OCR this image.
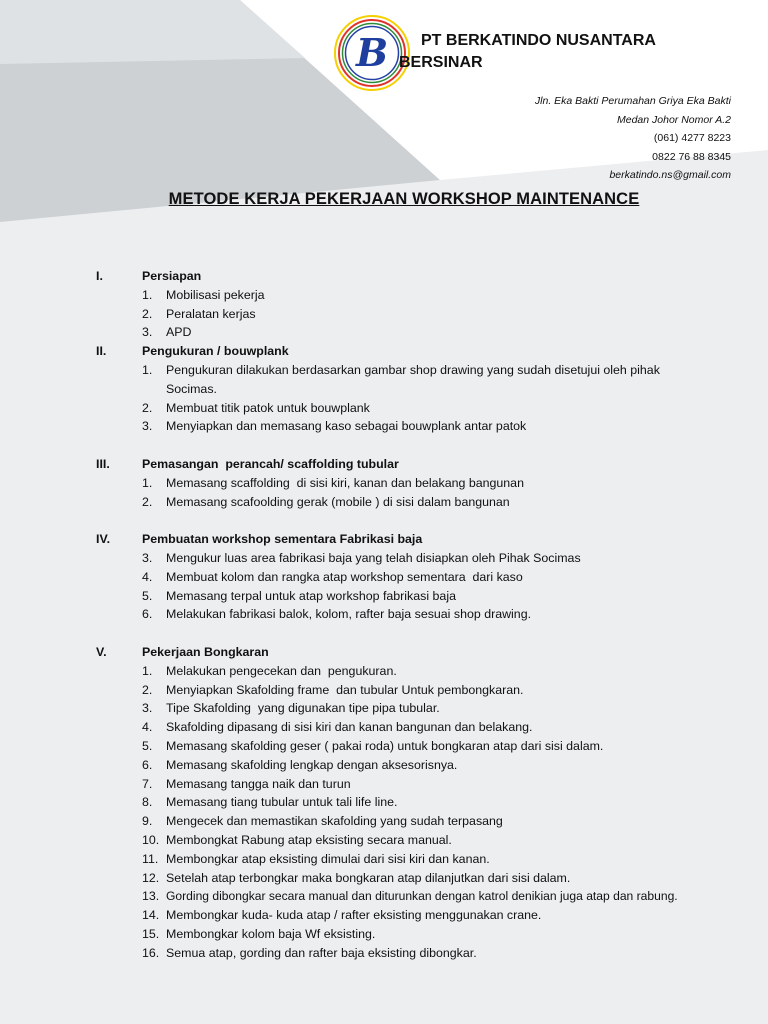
B	PT BERKATINDO NUSANTARA
BERSINAR
Jln. Eka Bakti Perumahan Griya Eka Bakti
Medan Johor Nomor A.2
(061) 4277 8223
0822 76 88 8345
berkatindo.ns@gmail.com
METODE KERJA PEKERJAAN WORKSHOP MAINTENANCE
I.	Persiapan
1.	Mobilisasi pekerja
2.	Peralatan kerjas
3.	APD
II.	Pengukuran / bouwplank
1.	Pengukuran dilakukan berdasarkan gambar shop drawing yang sudah disetujui oleh pihak Socimas.
2.	Membuat titik patok untuk bouwplank
3.	Menyiapkan dan memasang kaso sebagai bouwplank antar patok
III.	Pemasangan  perancah/ scaffolding tubular
1.	Memasang scaffolding  di sisi kiri, kanan dan belakang bangunan
2.	Memasang scafoolding gerak (mobile ) di sisi dalam bangunan
IV.	Pembuatan workshop sementara Fabrikasi baja
3.	Mengukur luas area fabrikasi baja yang telah disiapkan oleh Pihak Socimas
4.	Membuat kolom dan rangka atap workshop sementara  dari kaso
5.	Memasang terpal untuk atap workshop fabrikasi baja
6.	Melakukan fabrikasi balok, kolom, rafter baja sesuai shop drawing.
V.	Pekerjaan Bongkaran
1.	Melakukan pengecekan dan  pengukuran.
2.	Menyiapkan Skafolding frame  dan tubular Untuk pembongkaran.
3.	Tipe Skafolding  yang digunakan tipe pipa tubular.
4.	Skafolding dipasang di sisi kiri dan kanan bangunan dan belakang.
5.	Memasang skafolding geser ( pakai roda) untuk bongkaran atap dari sisi dalam.
6.	Memasang skafolding lengkap dengan aksesorisnya.
7.	Memasang tangga naik dan turun
8.	Memasang tiang tubular untuk tali life line.
9.	Mengecek dan memastikan skafolding yang sudah terpasang
10. Membongkat Rabung atap eksisting secara manual.
11. Membongkar atap eksisting dimulai dari sisi kiri dan kanan.
12. Setelah atap terbongkar maka bongkaran atap dilanjutkan dari sisi dalam.
13. Gording dibongkar secara manual dan diturunkan dengan katrol denikian juga atap dan rabung.
14. Membongkar kuda- kuda atap / rafter eksisting menggunakan crane.
15. Membongkar kolom baja Wf eksisting.
16. Semua atap, gording dan rafter baja eksisting dibongkar.
